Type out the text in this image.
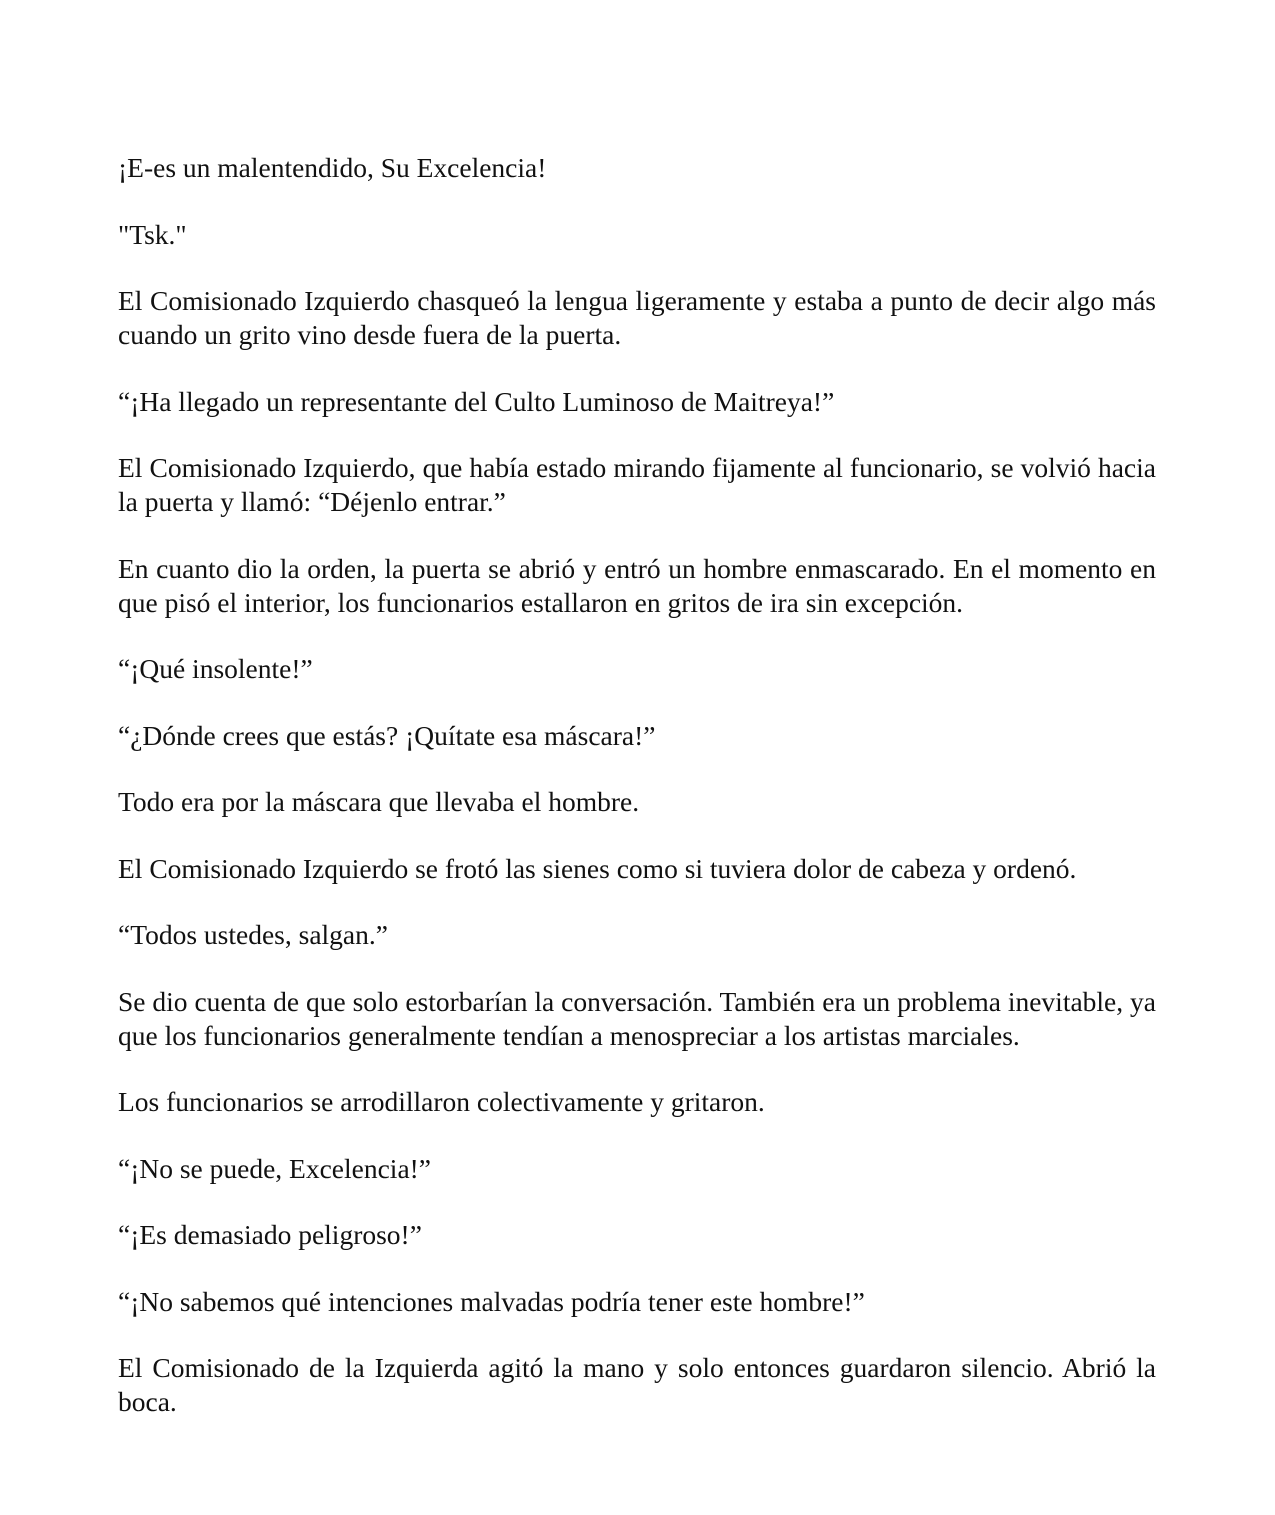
¡E-es un malentendido, Su Excelencia!

"Tsk."

El Comisionado Izquierdo chasqueó la lengua ligeramente y estaba a punto de decir algo más cuando un grito vino desde fuera de la puerta.

“¡Ha llegado un representante del Culto Luminoso de Maitreya!”

El Comisionado Izquierdo, que había estado mirando fijamente al funcionario, se volvió hacia la puerta y llamó: “Déjenlo entrar.”

En cuanto dio la orden, la puerta se abrió y entró un hombre enmascarado. En el momento en que pisó el interior, los funcionarios estallaron en gritos de ira sin excepción.

“¡Qué insolente!”

“¿Dónde crees que estás? ¡Quítate esa máscara!”

Todo era por la máscara que llevaba el hombre.

El Comisionado Izquierdo se frotó las sienes como si tuviera dolor de cabeza y ordenó.

“Todos ustedes, salgan.”

Se dio cuenta de que solo estorbarían la conversación. También era un problema inevitable, ya que los funcionarios generalmente tendían a menospreciar a los artistas marciales.

Los funcionarios se arrodillaron colectivamente y gritaron.

“¡No se puede, Excelencia!”

“¡Es demasiado peligroso!”

“¡No sabemos qué intenciones malvadas podría tener este hombre!”

El Comisionado de la Izquierda agitó la mano y solo entonces guardaron silencio. Abrió la boca.
